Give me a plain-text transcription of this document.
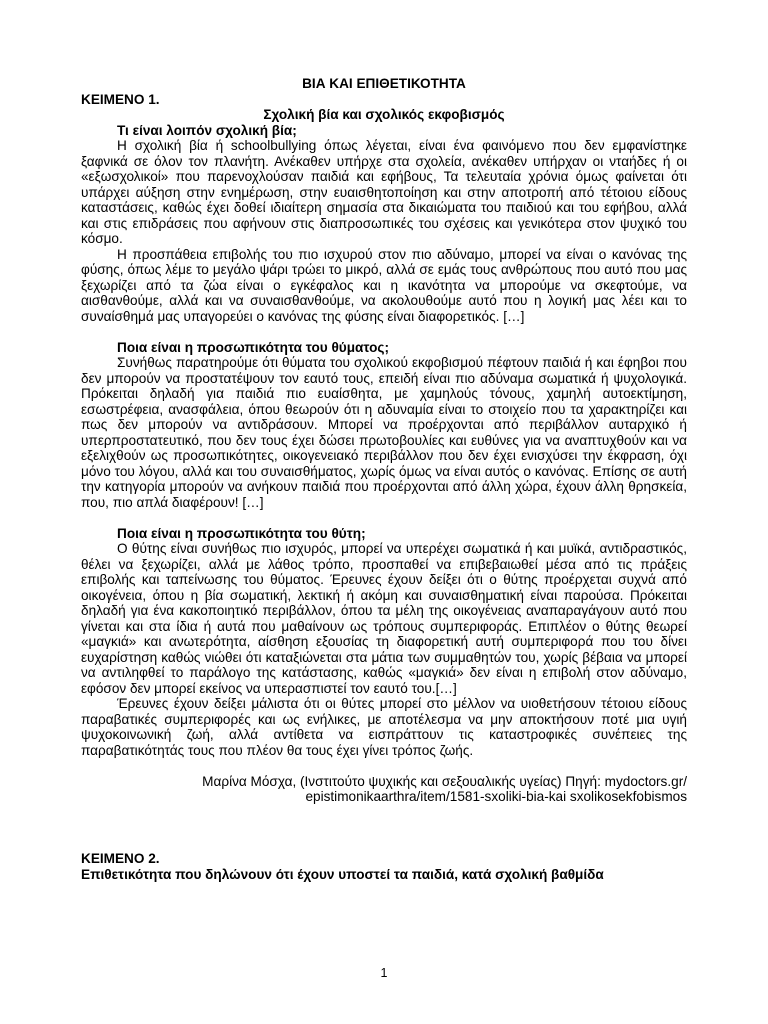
ΒΙΑ ΚΑΙ ΕΠΙΘΕΤΙΚΟΤΗΤΑ

ΚΕΙΜΕΝΟ 1.

Σχολική βία και σχολικός εκφοβισμός

Τι είναι λοιπόν σχολική βία;

Η σχολική βία ή schoolbullying όπως λέγεται, είναι ένα φαινόμενο που δεν εμφανίστηκε ξαφνικά σε όλον τον πλανήτη. Ανέκαθεν υπήρχε στα σχολεία, ανέκαθεν υπήρχαν οι νταήδες ή οι «εξωσχολικοί» που παρενοχλούσαν παιδιά και εφήβους, Τα τελευταία χρόνια όμως φαίνεται ότι υπάρχει αύξηση στην ενημέρωση, στην ευαισθητοποίηση και στην αποτροπή από τέτοιου είδους καταστάσεις, καθώς έχει δοθεί ιδιαίτερη σημασία στα δικαιώματα του παιδιού και του εφήβου, αλλά και στις επιδράσεις που αφήνουν στις διαπροσωπικές του σχέσεις και γενικότερα στον ψυχικό του κόσμο.

Η προσπάθεια επιβολής του πιο ισχυρού στον πιο αδύναμο, μπορεί να είναι ο κανόνας της φύσης, όπως λέμε το μεγάλο ψάρι τρώει το μικρό, αλλά σε εμάς τους ανθρώπους που αυτό που μας ξεχωρίζει από τα ζώα είναι ο εγκέφαλος και η ικανότητα να μπορούμε να σκεφτούμε, να αισθανθούμε, αλλά και να συναισθανθούμε, να ακολουθούμε αυτό που η λογική μας λέει και το συναίσθημά μας υπαγορεύει ο κανόνας της φύσης είναι διαφορετικός. […]

Ποια είναι η προσωπικότητα του θύματος;

Συνήθως παρατηρούμε ότι θύματα του σχολικού εκφοβισμού πέφτουν παιδιά ή και έφηβοι που δεν μπορούν να προστατέψουν τον εαυτό τους, επειδή είναι πιο αδύναμα σωματικά ή ψυχολογικά. Πρόκειται δηλαδή για παιδιά πιο ευαίσθητα, με χαμηλούς τόνους, χαμηλή αυτοεκτίμηση, εσωστρέφεια, ανασφάλεια, όπου θεωρούν ότι η αδυναμία είναι το στοιχείο που τα χαρακτηρίζει και πως δεν μπορούν να αντιδράσουν. Μπορεί να προέρχονται από περιβάλλον αυταρχικό ή υπερπροστατευτικό, που δεν τους έχει δώσει πρωτοβουλίες και ευθύνες για να αναπτυχθούν και να εξελιχθούν ως προσωπικότητες, οικογενειακό περιβάλλον που δεν έχει ενισχύσει την έκφραση, όχι μόνο του λόγου, αλλά και του συναισθήματος, χωρίς όμως να είναι αυτός ο κανόνας. Επίσης σε αυτή την κατηγορία μπορούν να ανήκουν παιδιά που προέρχονται από άλλη χώρα, έχουν άλλη θρησκεία, που, πιο απλά διαφέρουν! […]

Ποια είναι η προσωπικότητα του θύτη;

Ο θύτης είναι συνήθως πιο ισχυρός, μπορεί να υπερέχει σωματικά ή και μυϊκά, αντιδραστικός, θέλει να ξεχωρίζει, αλλά με λάθος τρόπο, προσπαθεί να επιβεβαιωθεί μέσα από τις πράξεις επιβολής και ταπείνωσης του θύματος. Έρευνες έχουν δείξει ότι ο θύτης προέρχεται συχνά από οικογένεια, όπου η βία σωματική, λεκτική ή ακόμη και συναισθηματική είναι παρούσα. Πρόκειται δηλαδή για ένα κακοποιητικό περιβάλλον, όπου τα μέλη της οικογένειας αναπαραγάγουν αυτό που γίνεται και στα ίδια ή αυτά που μαθαίνουν ως τρόπους συμπεριφοράς. Επιπλέον ο θύτης θεωρεί «μαγκιά» και ανωτερότητα, αίσθηση εξουσίας τη διαφορετική αυτή συμπεριφορά που του δίνει ευχαρίστηση καθώς νιώθει ότι καταξιώνεται στα μάτια των συμμαθητών του, χωρίς βέβαια να μπορεί να αντιληφθεί το παράλογο της κατάστασης, καθώς «μαγκιά» δεν είναι η επιβολή στον αδύναμο, εφόσον δεν μπορεί εκείνος να υπερασπιστεί τον εαυτό του.[…]

Έρευνες έχουν δείξει μάλιστα ότι οι θύτες μπορεί στο μέλλον να υιοθετήσουν τέτοιου είδους παραβατικές συμπεριφορές και ως ενήλικες, με αποτέλεσμα να μην αποκτήσουν ποτέ μια υγιή ψυχοκοινωνική ζωή, αλλά αντίθετα να εισπράττουν τις καταστροφικές συνέπειες της παραβατικότητάς τους που πλέον θα τους έχει γίνει τρόπος ζωής.

Μαρίνα Μόσχα, (Ινστιτούτο ψυχικής και σεξουαλικής υγείας) Πηγή: mydoctors.gr/

epistimonikaarthra/item/1581-sxoliki-bia-kai sxolikosekfobismos

ΚΕΙΜΕΝΟ 2.

Επιθετικότητα που δηλώνουν ότι έχουν υποστεί τα παιδιά, κατά σχολική βαθμίδα

1
